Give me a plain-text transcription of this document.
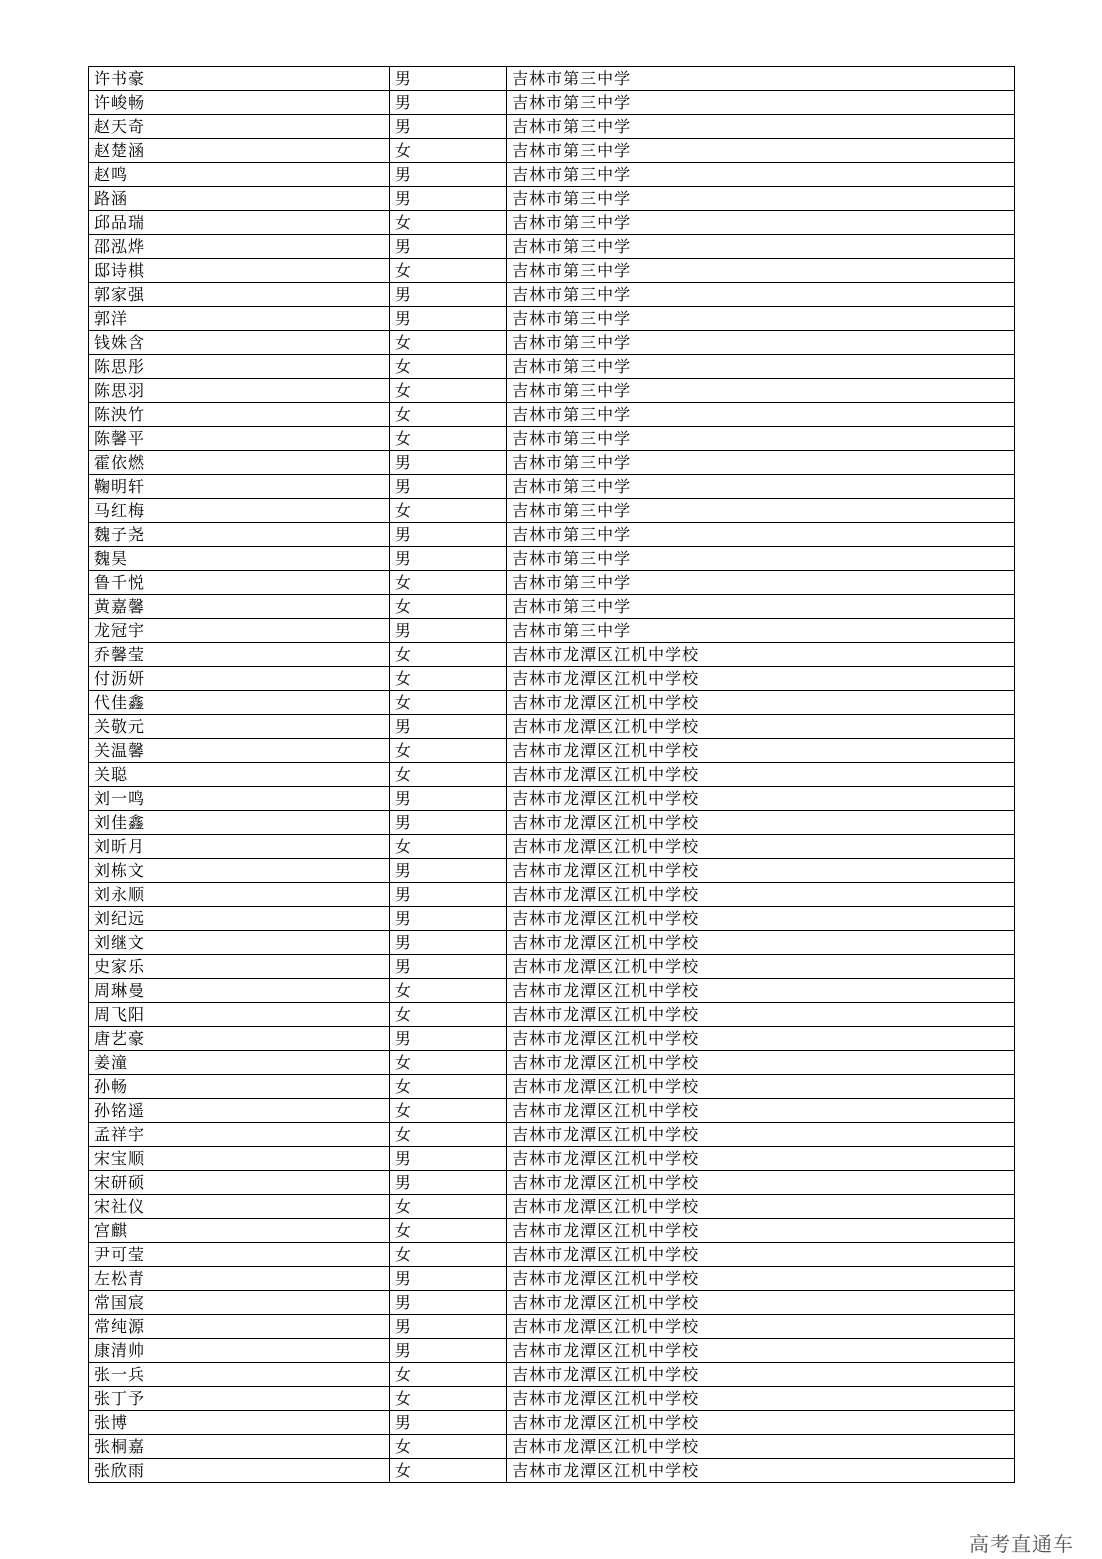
许书豪	男	吉林市第三中学
许峻畅	男	吉林市第三中学
赵天奇	男	吉林市第三中学
赵楚涵	女	吉林市第三中学
赵鸣	男	吉林市第三中学
路涵	男	吉林市第三中学
邱品瑞	女	吉林市第三中学
邵泓烨	男	吉林市第三中学
邸诗棋	女	吉林市第三中学
郭家强	男	吉林市第三中学
郭洋	男	吉林市第三中学
钱姝含	女	吉林市第三中学
陈思彤	女	吉林市第三中学
陈思羽	女	吉林市第三中学
陈泱竹	女	吉林市第三中学
陈馨平	女	吉林市第三中学
霍依燃	男	吉林市第三中学
鞠明轩	男	吉林市第三中学
马红梅	女	吉林市第三中学
魏子尧	男	吉林市第三中学
魏昊	男	吉林市第三中学
鲁千悦	女	吉林市第三中学
黄嘉馨	女	吉林市第三中学
龙冠宇	男	吉林市第三中学
乔馨莹	女	吉林市龙潭区江机中学校
付沥妍	女	吉林市龙潭区江机中学校
代佳鑫	女	吉林市龙潭区江机中学校
关敬元	男	吉林市龙潭区江机中学校
关温馨	女	吉林市龙潭区江机中学校
关聪	女	吉林市龙潭区江机中学校
刘一鸣	男	吉林市龙潭区江机中学校
刘佳鑫	男	吉林市龙潭区江机中学校
刘昕月	女	吉林市龙潭区江机中学校
刘栋文	男	吉林市龙潭区江机中学校
刘永顺	男	吉林市龙潭区江机中学校
刘纪远	男	吉林市龙潭区江机中学校
刘继文	男	吉林市龙潭区江机中学校
史家乐	男	吉林市龙潭区江机中学校
周琳曼	女	吉林市龙潭区江机中学校
周飞阳	女	吉林市龙潭区江机中学校
唐艺豪	男	吉林市龙潭区江机中学校
姜潼	女	吉林市龙潭区江机中学校
孙畅	女	吉林市龙潭区江机中学校
孙铭遥	女	吉林市龙潭区江机中学校
孟祥宇	女	吉林市龙潭区江机中学校
宋宝顺	男	吉林市龙潭区江机中学校
宋研硕	男	吉林市龙潭区江机中学校
宋社仪	女	吉林市龙潭区江机中学校
宫麒	女	吉林市龙潭区江机中学校
尹可莹	女	吉林市龙潭区江机中学校
左松青	男	吉林市龙潭区江机中学校
常国宸	男	吉林市龙潭区江机中学校
常纯源	男	吉林市龙潭区江机中学校
康清帅	男	吉林市龙潭区江机中学校
张一兵	女	吉林市龙潭区江机中学校
张丁予	女	吉林市龙潭区江机中学校
张博	男	吉林市龙潭区江机中学校
张桐嘉	女	吉林市龙潭区江机中学校
张欣雨	女	吉林市龙潭区江机中学校
高考直通车
